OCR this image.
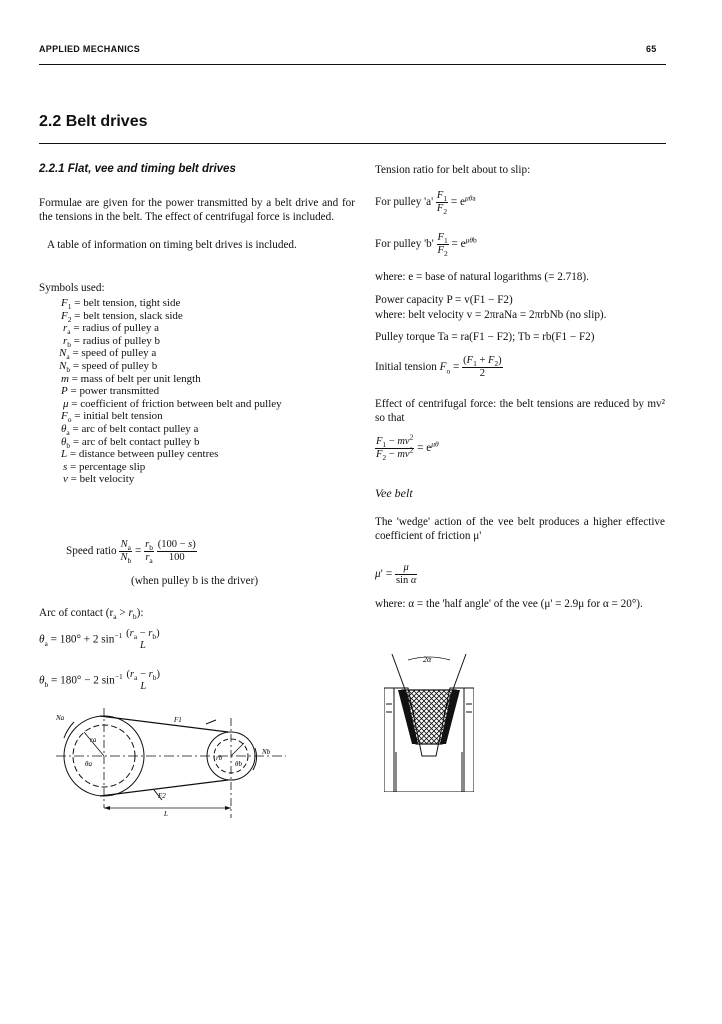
APPLIED MECHANICS	65
2.2 Belt drives
2.2.1 Flat, vee and timing belt drives
Formulae are given for the power transmitted by a belt drive and for the tensions in the belt. The effect of centrifugal force is included.
A table of information on timing belt drives is included.
Symbols used:
$F_1$ = belt tension, tight side
$F_2$ = belt tension, slack side
$r_a$ = radius of pulley a
$r_b$ = radius of pulley b
$N_a$ = speed of pulley a
$N_b$ = speed of pulley b
m = mass of belt per unit length
P = power transmitted
μ = coefficient of friction between belt and pulley
$F_o$ = initial belt tension
$\theta_a$ = arc of belt contact pulley a
$\theta_b$ = arc of belt contact pulley b
L = distance between pulley centres
s = percentage slip
v = belt velocity
Speed ratio $\frac{N_a}{N_b} = \frac{r_b}{r_a}$
$\frac{(100 - s)}{100}$
(when pulley b is the driver)
Arc of contact $(r_a > r_b)$:
$\theta_a = 180^\circ + 2$ $\sin^{-1} (r_a - r_b)$
L
$\theta_b = 180^\circ - 2$ $\sin^{-1} (r_a - r_b)$
L
Na
ra
θa
F1
F2
L
rb
θb
Nb
Tension ratio for belt about to slip:
For pulley '$a' \frac{F_1}{F_2} = e^{\mu\theta a}$
For pulley '$b' \frac{F_1}{F_2} = e^{\mu\theta b}$
where: e = base of natural logarithms (= 2.718).
Power capacity P = v(F1 − F2)
where: belt velocity v = 2πraNa = 2πrbNb (no slip).
Pulley torque Ta = ra(F1 − F2); Tb = rb(F1 − F2)
Initial tension $F_o = \frac{(F_1 + F_2)}{2}$
Effect of centrifugal force: the belt tensions are reduced by mv² so that
$\frac{F_1 - mv^2}{F_2 - mv^2} = e^{\mu\theta}$
Vee belt
The 'wedge' action of the vee belt produces a higher effective coefficient of friction μ'
$\mu' = \frac{\mu}{\text{sin α}}$
where: α = the 'half angle' of the vee (μ' = 2.9μ for α = 20°).
2α
